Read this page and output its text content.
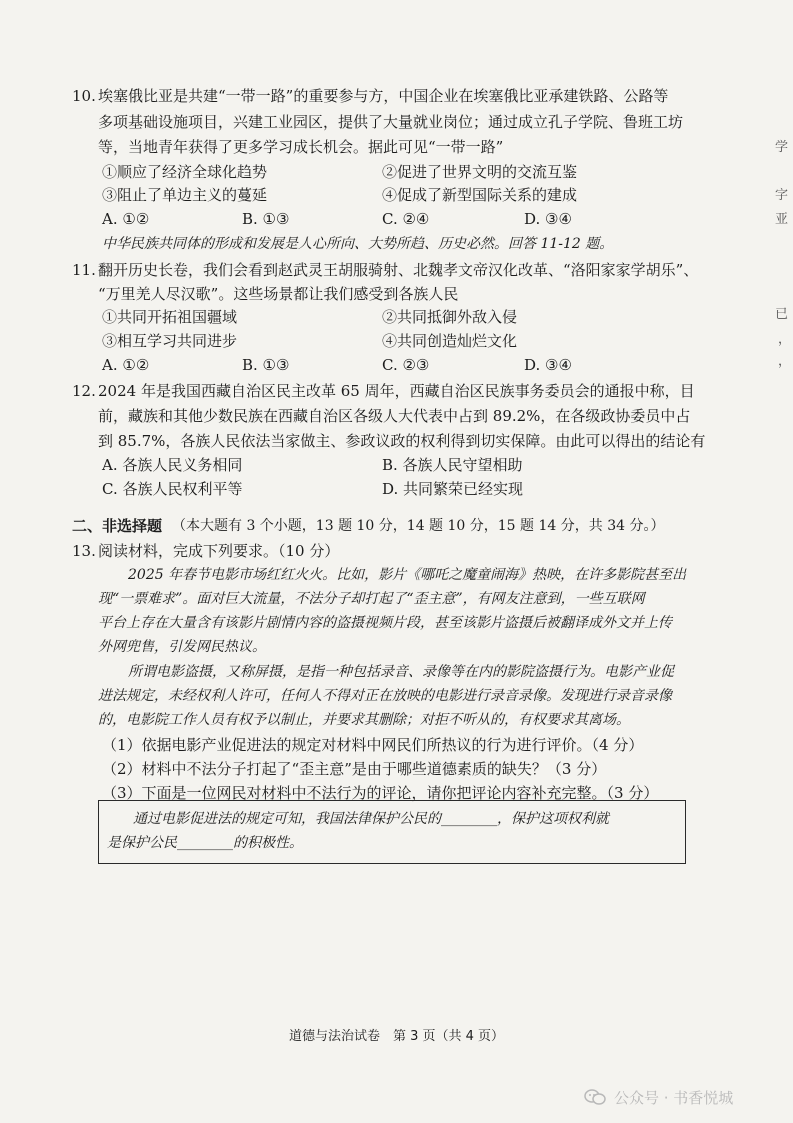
10. 埃塞俄比亚是共建“一带一路”的重要参与方，中国企业在埃塞俄比亚承建铁路、公路等
多项基础设施项目，兴建工业园区，提供了大量就业岗位；通过成立孔子学院、鲁班工坊
等，当地青年获得了更多学习成长机会。据此可见“一带一路”
①顺应了经济全球化趋势	②促进了世界文明的交流互鉴
③阻止了单边主义的蔓延	④促成了新型国际关系的建成
A. ①②	B. ①③	C. ②④	D. ③④
中华民族共同体的形成和发展是人心所向、大势所趋、历史必然。回答 11-12 题。
11. 翻开历史长卷，我们会看到赵武灵王胡服骑射、北魏孝文帝汉化改革、“洛阳家家学胡乐”、
“万里羌人尽汉歌”。这些场景都让我们感受到各族人民
①共同开拓祖国疆域	②共同抵御外敌入侵
③相互学习共同进步	④共同创造灿烂文化
A. ①②	B. ①③	C. ②③	D. ③④
12. 2024 年是我国西藏自治区民主改革 65 周年，西藏自治区民族事务委员会的通报中称，目
前，藏族和其他少数民族在西藏自治区各级人大代表中占到 89.2%，在各级政协委员中占
到 85.7%，各族人民依法当家做主、参政议政的权利得到切实保障。由此可以得出的结论有
A. 各族人民义务相同	B. 各族人民守望相助
C. 各族人民权利平等	D. 共同繁荣已经实现
二、非选择题 （本大题有 3 个小题，13 题 10 分，14 题 10 分，15 题 14 分，共 34 分。）
13. 阅读材料，完成下列要求。（10 分）
2025 年春节电影市场红红火火。比如，影片《哪吒之魔童闹海》热映，在许多影院甚至出
现“一票难求”。面对巨大流量，不法分子却打起了“歪主意”，有网友注意到，一些互联网
平台上存在大量含有该影片剧情内容的盗摄视频片段，甚至该影片盗摄后被翻译成外文并上传
外网兜售，引发网民热议。
所谓电影盗摄，又称屏摄，是指一种包括录音、录像等在内的影院盗摄行为。电影产业促
进法规定，未经权利人许可，任何人不得对正在放映的电影进行录音录像。发现进行录音录像
的，电影院工作人员有权予以制止，并要求其删除；对拒不听从的，有权要求其离场。
（1）依据电影产业促进法的规定对材料中网民们所热议的行为进行评价。（4 分）
（2）材料中不法分子打起了“歪主意”是由于哪些道德素质的缺失？（3 分）
（3）下面是一位网民对材料中不法行为的评论，请你把评论内容补充完整。（3 分）
通过电影促进法的规定可知，我国法律保护公民的________，保护这项权利就
是保护公民________的积极性。
道德与法治试卷　第 3 页（共 4 页）
公众号 · 书香悦城
学
字
亚
已
，
，
